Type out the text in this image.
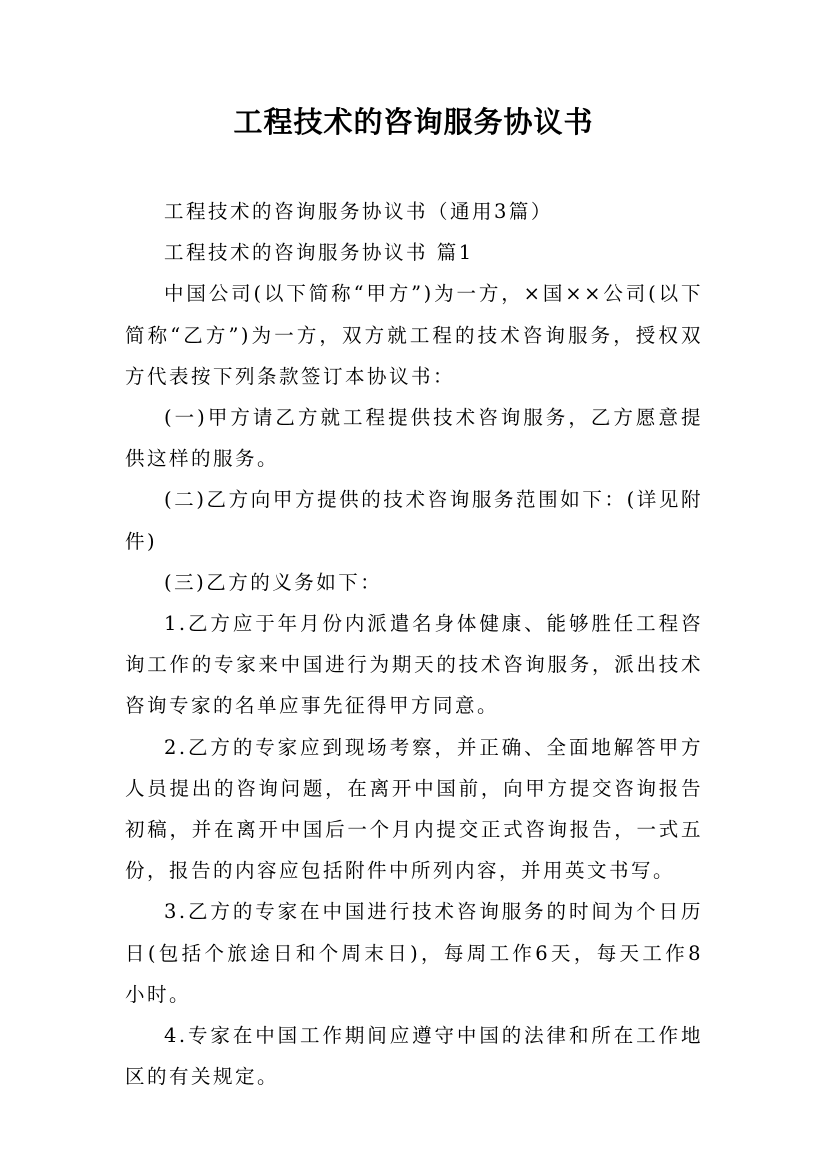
工程技术的咨询服务协议书

工程技术的咨询服务协议书（通用3篇）

工程技术的咨询服务协议书 篇1

中国公司(以下简称“甲方”)为一方，×国××公司(以下简称“乙方”)为一方，双方就工程的技术咨询服务，授权双方代表按下列条款签订本协议书：

(一)甲方请乙方就工程提供技术咨询服务，乙方愿意提供这样的服务。

(二)乙方向甲方提供的技术咨询服务范围如下：(详见附件)

(三)乙方的义务如下：

1.乙方应于年月份内派遣名身体健康、能够胜任工程咨询工作的专家来中国进行为期天的技术咨询服务，派出技术咨询专家的名单应事先征得甲方同意。

2.乙方的专家应到现场考察，并正确、全面地解答甲方人员提出的咨询问题，在离开中国前，向甲方提交咨询报告初稿，并在离开中国后一个月内提交正式咨询报告，一式五份，报告的内容应包括附件中所列内容，并用英文书写。

3.乙方的专家在中国进行技术咨询服务的时间为个日历日(包括个旅途日和个周末日)，每周工作6天，每天工作8小时。

4.专家在中国工作期间应遵守中国的法律和所在工作地区的有关规定。
